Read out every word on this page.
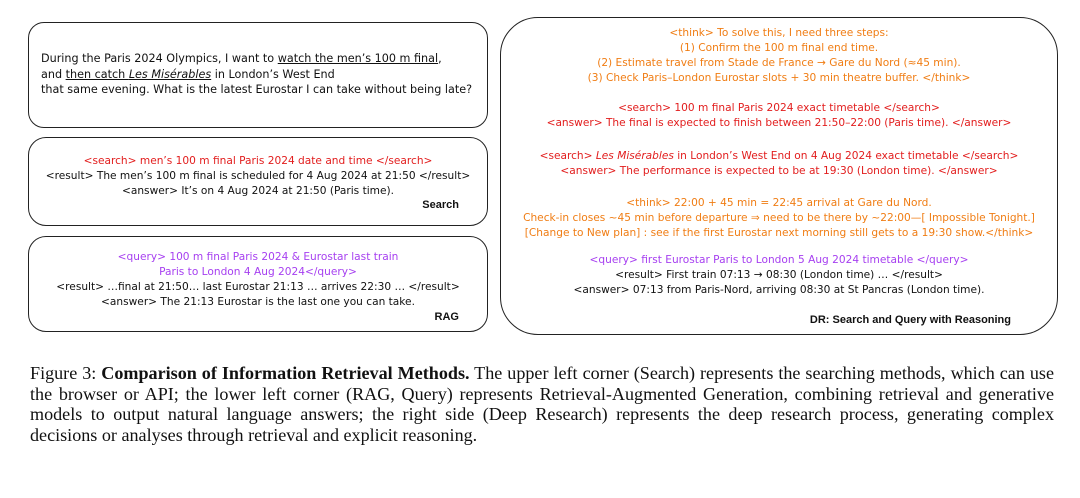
During the Paris 2024 Olympics, I want to watch the men’s 100 m final,
and then catch Les Misérables in London’s West End
that same evening. What is the latest Eurostar I can take without being late?
<search> men’s 100 m final Paris 2024 date and time </search>
<result> The men’s 100 m final is scheduled for 4 Aug 2024 at 21:50 </result>
<answer> It’s on 4 Aug 2024 at 21:50 (Paris time).
Search
<query> 100 m final Paris 2024 & Eurostar last train
Paris to London 4 Aug 2024</query>
<result> …final at 21:50… last Eurostar 21:13 … arrives 22:30 … </result>
<answer> The 21:13 Eurostar is the last one you can take.
RAG
<think> To solve this, I need three steps:
(1) Confirm the 100 m final end time.
(2) Estimate travel from Stade de France → Gare du Nord (≈45 min).
(3) Check Paris–London Eurostar slots + 30 min theatre buffer. </think>
<search> 100 m final Paris 2024 exact timetable </search>
<answer> The final is expected to finish between 21:50–22:00 (Paris time). </answer>
<search> Les Misérables in London’s West End on 4 Aug 2024 exact timetable </search>
<answer> The performance is expected to be at 19:30 (London time). </answer>
<think> 22:00 + 45 min = 22:45 arrival at Gare du Nord.
Check-in closes ~45 min before departure ⇒ need to be there by ~22:00—[ Impossible Tonight.]
[Change to New plan] : see if the first Eurostar next morning still gets to a 19:30 show.</think>
<query> first Eurostar Paris to London 5 Aug 2024 timetable </query>
<result> First train 07:13 → 08:30 (London time) … </result>
<answer> 07:13 from Paris-Nord, arriving 08:30 at St Pancras (London time).
DR: Search and Query with Reasoning
Figure 3: Comparison of Information Retrieval Methods. The upper left corner (Search) represents the searching methods, which can use the browser or API; the lower left corner (RAG, Query) represents Retrieval-Augmented Generation, combining retrieval and generative models to output natural language answers; the right side (Deep Research) represents the deep research process, generating complex decisions or analyses through retrieval and explicit reasoning.
